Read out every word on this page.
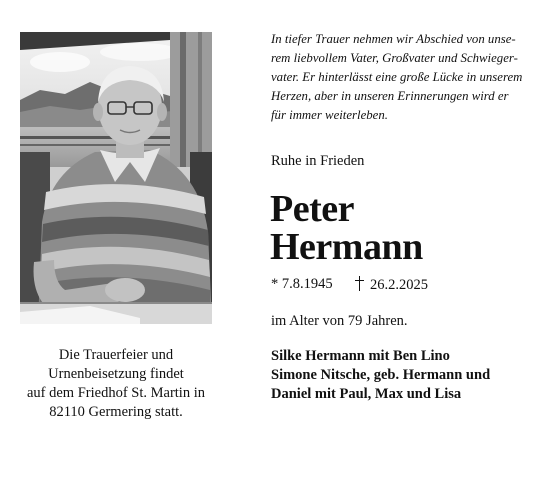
Die Trauerfeier und
Urnenbeisetzung findet
auf dem Friedhof St. Martin in
82110 Germering statt.
In tiefer Trauer nehmen wir Abschied von unse-
rem liebvollem Vater, Großvater und Schwieger-
vater. Er hinterlässt eine große Lücke in unserem
Herzen, aber in unseren Erinnerungen wird er
für immer weiterleben.
Ruhe in Frieden
Peter
Hermann
* 7.8.1945	26.2.2025
im Alter von 79 Jahren.
Silke Hermann mit Ben Lino
Simone Nitsche, geb. Hermann und
Daniel mit Paul, Max und Lisa
